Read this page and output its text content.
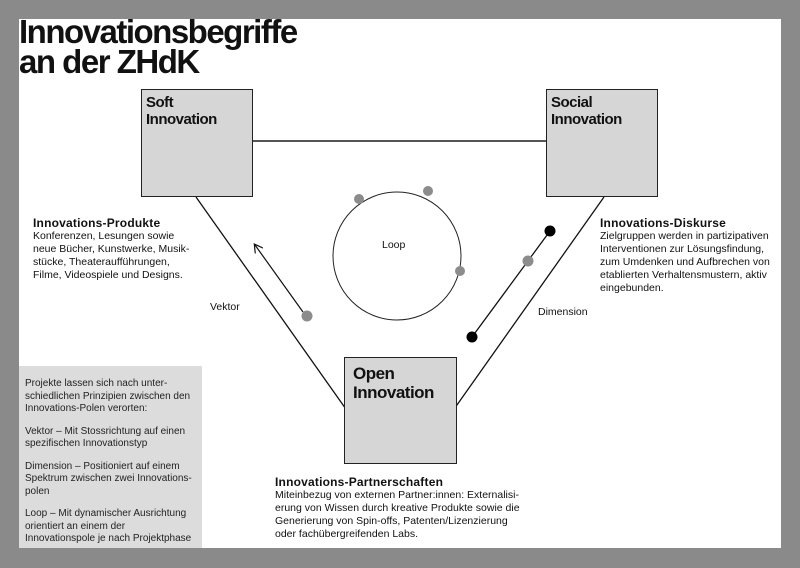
Innovationsbegriffe
an der ZHdK
Soft
Innovation
Social
Innovation
Open
Innovation
Innovations-Produkte
Konferenzen, Lesungen sowie
neue Bücher, Kunstwerke, Musik-
stücke, Theateraufführungen,
Filme, Videospiele und Designs.
Innovations-Diskurse
Zielgruppen werden in partizipativen
Interventionen zur Lösungsfindung,
zum Umdenken und Aufbrechen von
etablierten Verhaltensmustern, aktiv
eingebunden.
Innovations-Partnerschaften
Miteinbezug von externen Partner:innen: Externalisi-
erung von Wissen durch kreative Produkte sowie die
Generierung von Spin-offs, Patenten/Lizenzierung
oder fachübergreifenden Labs.
Loop
Vektor	Dimension

Projekte lassen sich nach unter-schiedlichen Prinzipien zwischen den Innovations-Polen verorten:

Vektor – Mit Stossrichtung auf einen spezifischen Innovationstyp

Dimension – Positioniert auf einem Spektrum zwischen zwei Innovations-polen

Loop – Mit dynamischer Ausrichtung orientiert an einem der Innovationspole je nach Projektphase
